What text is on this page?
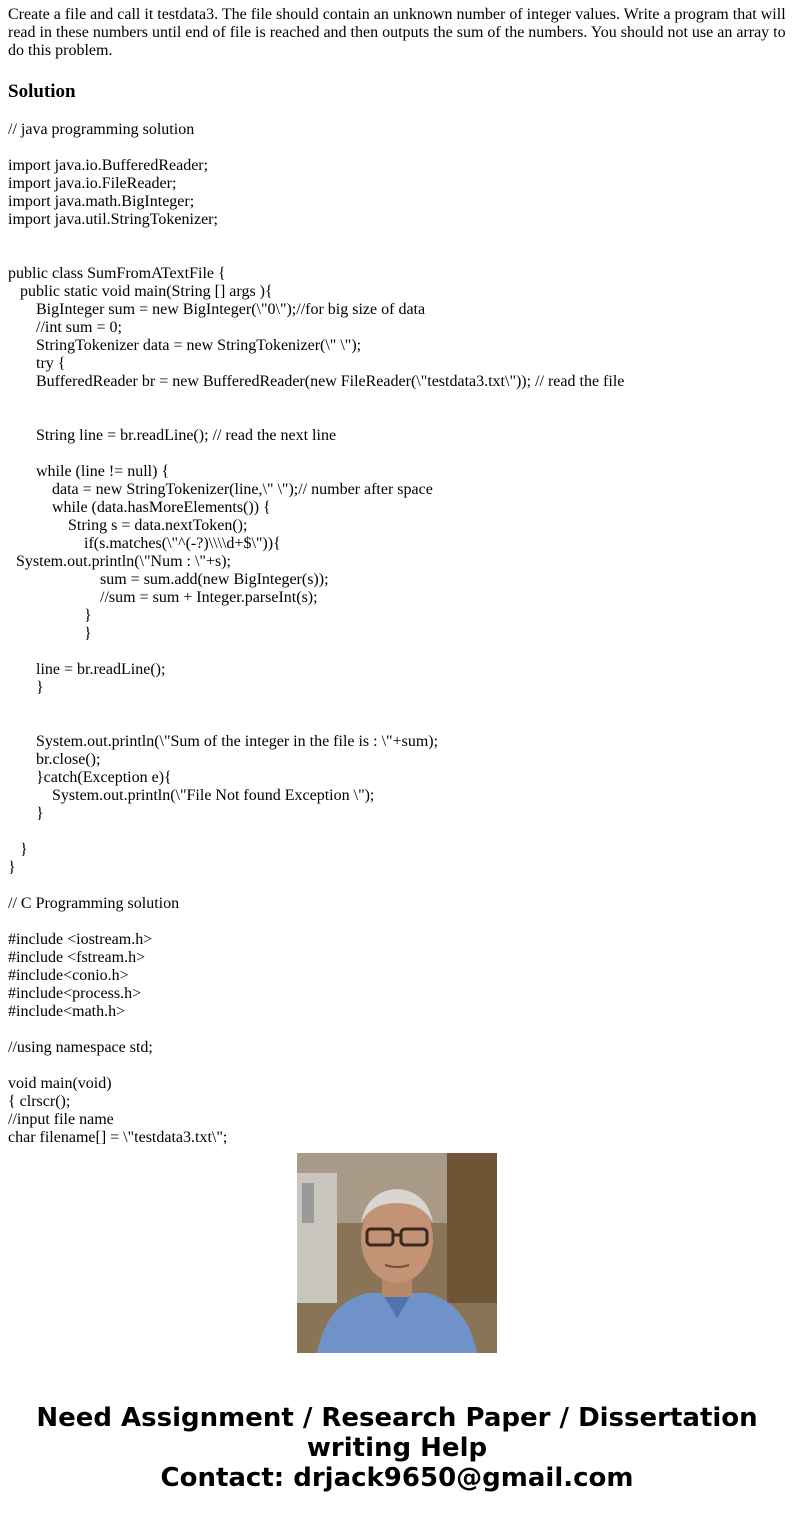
Create a file and call it testdata3. The file should contain an unknown number of integer values. Write a program that will read in these numbers until end of file is reached and then outputs the sum of the numbers. You should not use an array to do this problem.

Solution
// java programming solution
import java.io.BufferedReader;
import java.io.FileReader;
import java.math.BigInteger;
import java.util.StringTokenizer;
public class SumFromATextFile {
public static void main(String [] args ){
BigInteger sum = new BigInteger(\"0\");//for big size of data
//int sum = 0;
StringTokenizer data = new StringTokenizer(\" \");
try {
BufferedReader br = new BufferedReader(new FileReader(\"testdata3.txt\")); // read the file
String line = br.readLine(); // read the next line
while (line != null) {
data = new StringTokenizer(line,\" \");// number after space
while (data.hasMoreElements()) {
String s = data.nextToken();
if(s.matches(\"^(-?)\\\\d+$\")){
System.out.println(\"Num : \"+s);
sum = sum.add(new BigInteger(s));
//sum = sum + Integer.parseInt(s);
}
}
line = br.readLine();
}
System.out.println(\"Sum of the integer in the file is : \"+sum);
br.close();
}catch(Exception e){
System.out.println(\"File Not found Exception \");
}
}
}
// C Programming solution
#include <iostream.h>
#include <fstream.h>
#include<conio.h>
#include<process.h>
#include<math.h>
//using namespace std;
void main(void)
{ clrscr();
//input file name
char filename[] = \"testdata3.txt\";
Need Assignment / Research Paper / Dissertation
writing Help
Contact: drjack9650@gmail.com
